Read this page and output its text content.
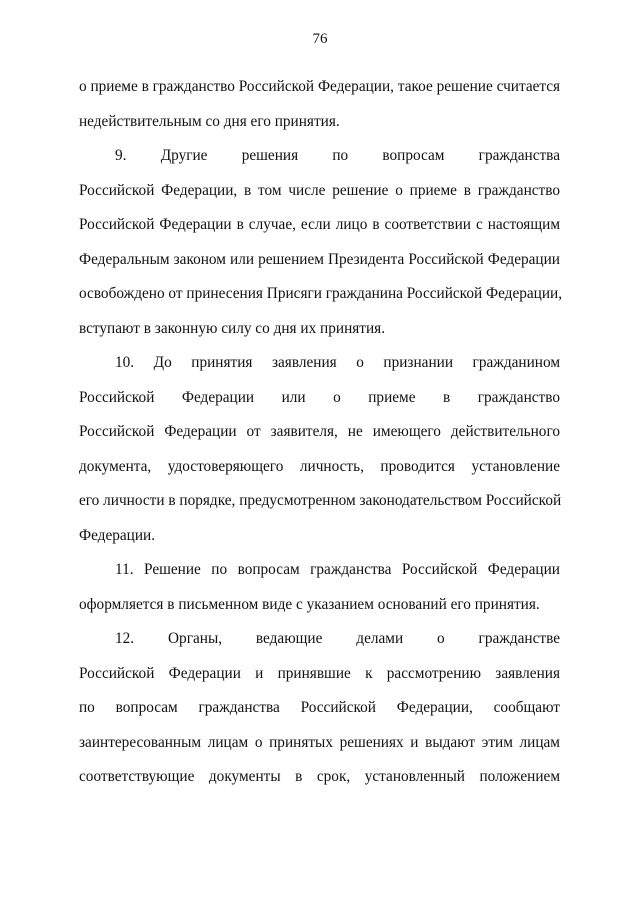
76
о приеме в гражданство Российской Федерации, такое решение считается
недействительным со дня его принятия.
9. Другие решения по вопросам гражданства
Российской Федерации, в том числе решение о приеме в гражданство
Российской Федерации в случае, если лицо в соответствии с настоящим
Федеральным законом или решением Президента Российской Федерации
освобождено от принесения Присяги гражданина Российской Федерации,
вступают в законную силу со дня их принятия.
10. До принятия заявления о признании гражданином
Российской Федерации или о приеме в гражданство
Российской Федерации от заявителя, не имеющего действительного
документа, удостоверяющего личность, проводится установление
его личности в порядке, предусмотренном законодательством Российской
Федерации.
11. Решение по вопросам гражданства Российской Федерации
оформляется в письменном виде с указанием оснований его принятия.
12. Органы, ведающие делами о гражданстве
Российской Федерации и принявшие к рассмотрению заявления
по вопросам гражданства Российской Федерации, сообщают
заинтересованным лицам о принятых решениях и выдают этим лицам
соответствующие документы в срок, установленный положением
